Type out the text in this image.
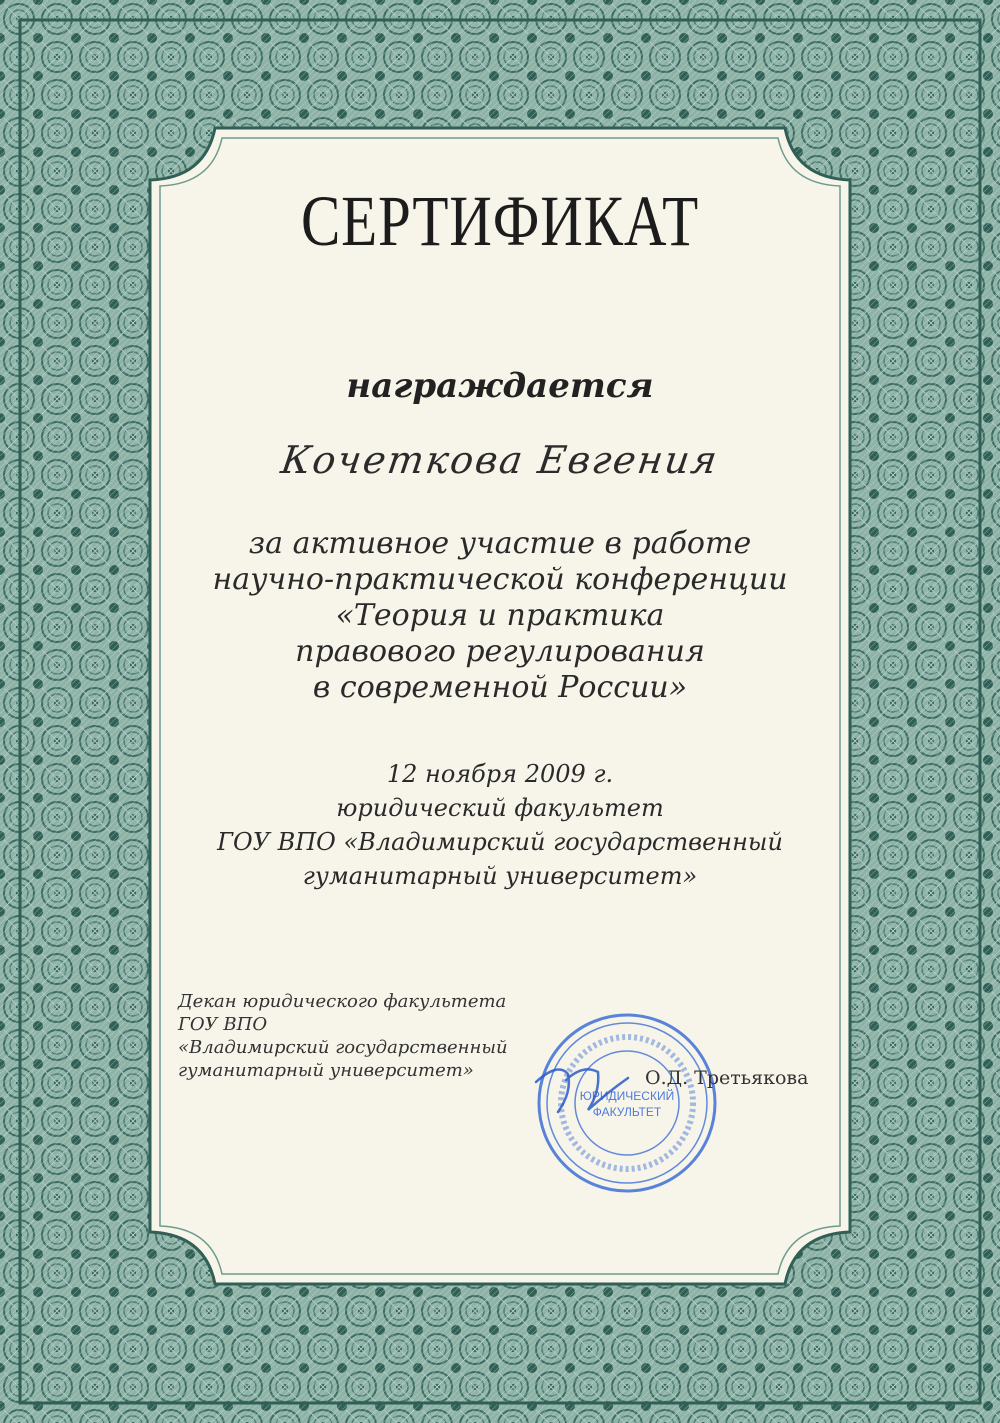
СЕРТИФИКАТ
награждается
Кочеткова Евгения
за активное участие в работе
научно-практической конференции
«Теория и практика
правового регулирования
в современной России»
12 ноября 2009 г.
юридический факультет
ГОУ ВПО «Владимирский государственный
гуманитарный университет»
Декан юридического факультета
ГОУ ВПО
«Владимирский государственный
гуманитарный университет»
ЮРИДИЧЕСКИЙ
ФАКУЛЬТЕТ
О.Д. Третьякова
